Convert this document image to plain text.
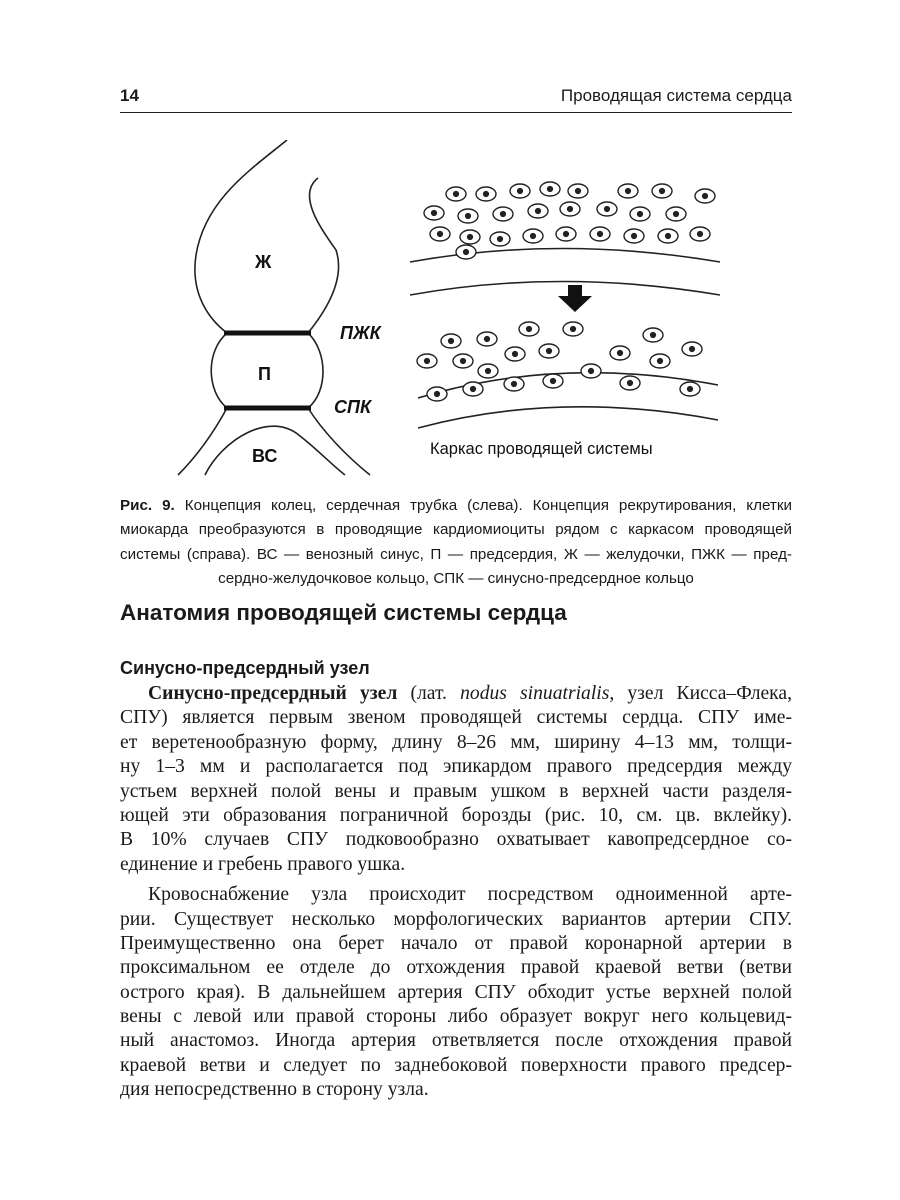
14	Проводящая система сердца
Ж
П
ВС
ПЖК
СПК
Каркас проводящей системы
Рис. 9. Концепция колец, сердечная трубка (слева). Концепция рекрутирования, клетки
миокарда преобразуются в проводящие кардиомиоциты рядом с каркасом проводящей
системы (справа). ВС — венозный синус, П — предсердия, Ж — желудочки, ПЖК — пред-
сердно-желудочковое кольцо, СПК — синусно-предсердное кольцо
Анатомия проводящей системы сердца
Синусно-предсердный узел
Синусно-предсердный узел (лат. nodus sinuatrialis, узел Кисса–Флека,
СПУ) является первым звеном проводящей системы сердца. СПУ име-
ет веретенообразную форму, длину 8–26 мм, ширину 4–13 мм, толщи-
ну 1–3 мм и располагается под эпикардом правого предсердия между
устьем верхней полой вены и правым ушком в верхней части разделя-
ющей эти образования пограничной борозды (рис. 10, см. цв. вклейку).
В 10% случаев СПУ подковообразно охватывает кавопредсердное со-
единение и гребень правого ушка.
Кровоснабжение узла происходит посредством одноименной арте-
рии. Существует несколько морфологических вариантов артерии СПУ.
Преимущественно она берет начало от правой коронарной артерии в
проксимальном ее отделе до отхождения правой краевой ветви (ветви
острого края). В дальнейшем артерия СПУ обходит устье верхней полой
вены с левой или правой стороны либо образует вокруг него кольцевид-
ный анастомоз. Иногда артерия ответвляется после отхождения правой
краевой ветви и следует по заднебоковой поверхности правого предсер-
дия непосредственно в сторону узла.
